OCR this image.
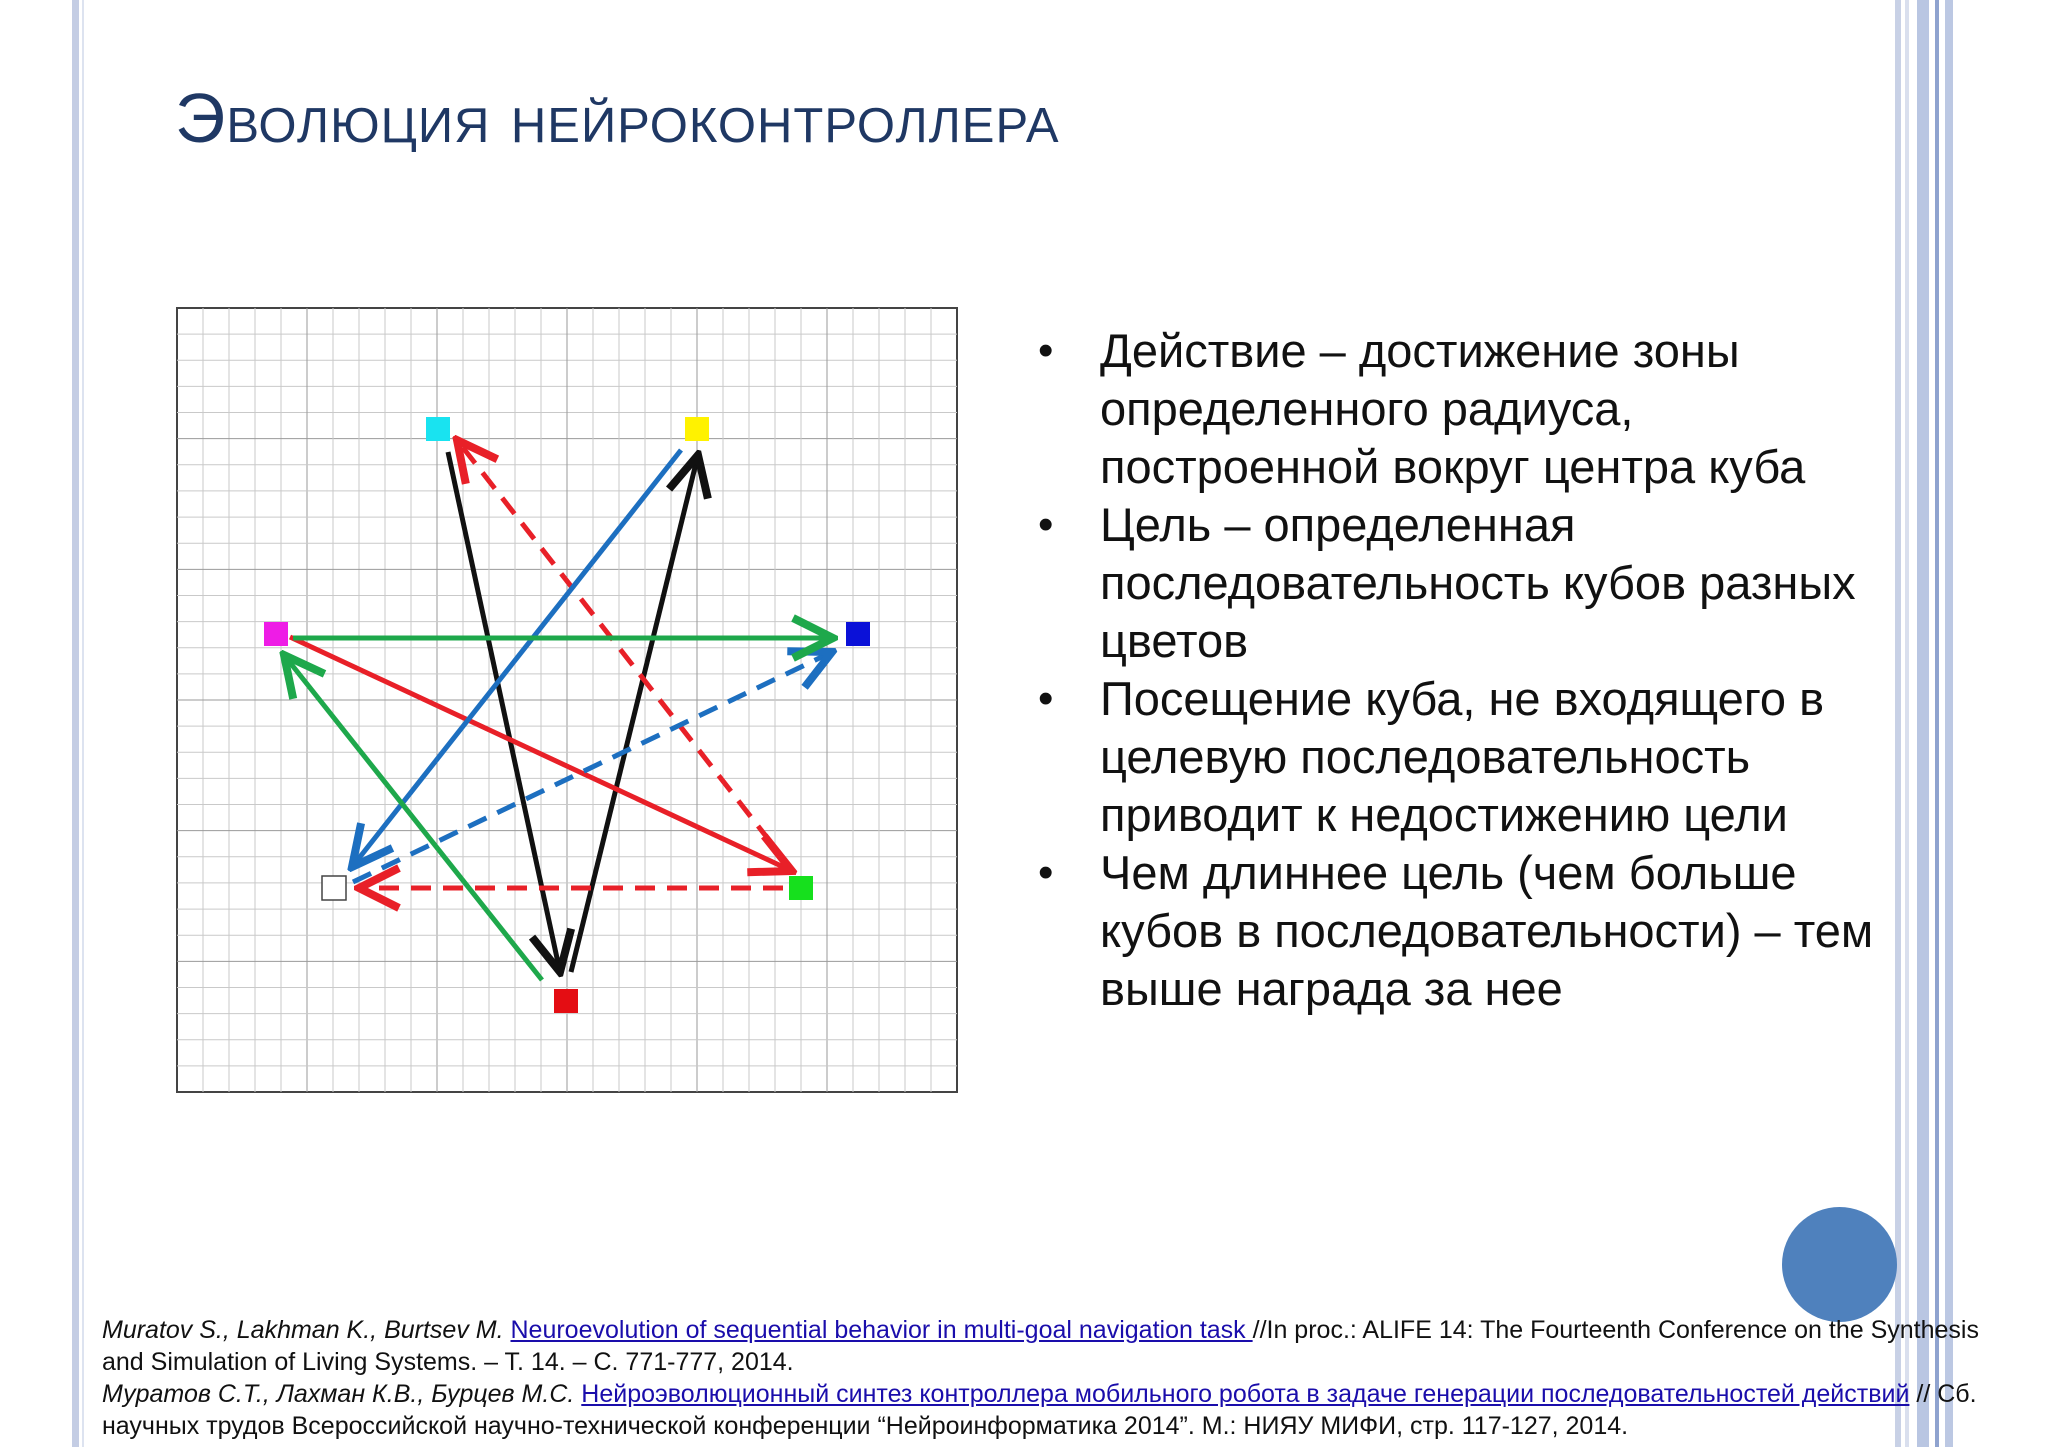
Эволюция нейроконтроллера
• Действие – достижение зоны определенного радиуса, построенной вокруг центра куба
• Цель – определенная последовательность кубов разных цветов
• Посещение куба, не входящего в целевую последовательность приводит к недостижению цели
• Чем длиннее цель (чем больше кубов в последовательности) – тем выше награда за нее

Muratov S., Lakhman K., Burtsev M. Neuroevolution of sequential behavior in multi-goal navigation task //In proc.: ALIFE 14: The Fourteenth Conference on the Synthesis and Simulation of Living Systems. – T. 14. – C. 771-777, 2014.

Муратов С.Т., Лахман К.В., Бурцев М.С. Нейроэволюционный синтез контроллера мобильного робота в задаче генерации последовательностей действий // Сб. научных трудов Всероссийской научно-технической конференции “Нейроинформатика 2014”. М.: НИЯУ МИФИ, стр. 117-127, 2014.
